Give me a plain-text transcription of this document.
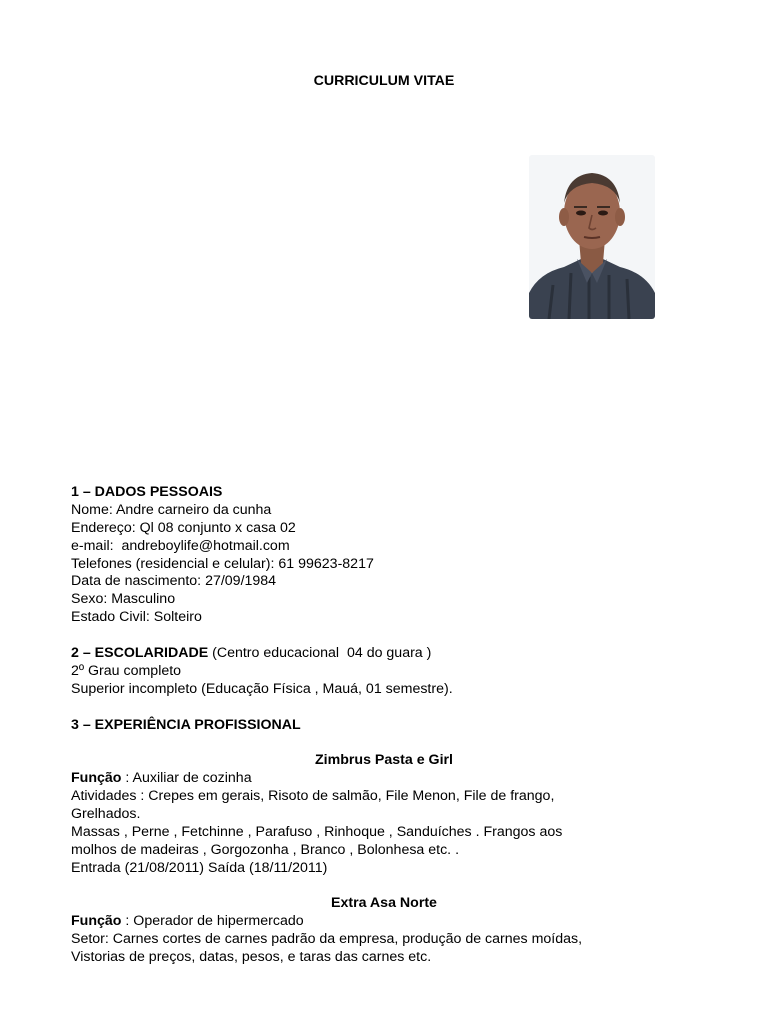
CURRICULUM VITAE
1 – DADOS PESSOAIS
Nome: Andre carneiro da cunha
Endereço: Ql 08 conjunto x casa 02
e-mail:  andreboylife@hotmail.com
Telefones (residencial e celular): 61 99623-8217
Data de nascimento: 27/09/1984
Sexo: Masculino
Estado Civil: Solteiro
2 – ESCOLARIDADE (Centro educacional  04 do guara )
2º Grau completo
Superior incompleto (Educação Física , Mauá, 01 semestre).
3 – EXPERIÊNCIA PROFISSIONAL
Zimbrus Pasta e Girl
Função : Auxiliar de cozinha
Atividades : Crepes em gerais, Risoto de salmão, File Menon, File de frango,
Grelhados.
Massas , Perne , Fetchinne , Parafuso , Rinhoque , Sanduíches . Frangos aos
molhos de madeiras , Gorgozonha , Branco , Bolonhesa etc. .
Entrada (21/08/2011) Saída (18/11/2011)
Extra Asa Norte
Função : Operador de hipermercado
Setor: Carnes cortes de carnes padrão da empresa, produção de carnes moídas,
Vistorias de preços, datas, pesos, e taras das carnes etc.
